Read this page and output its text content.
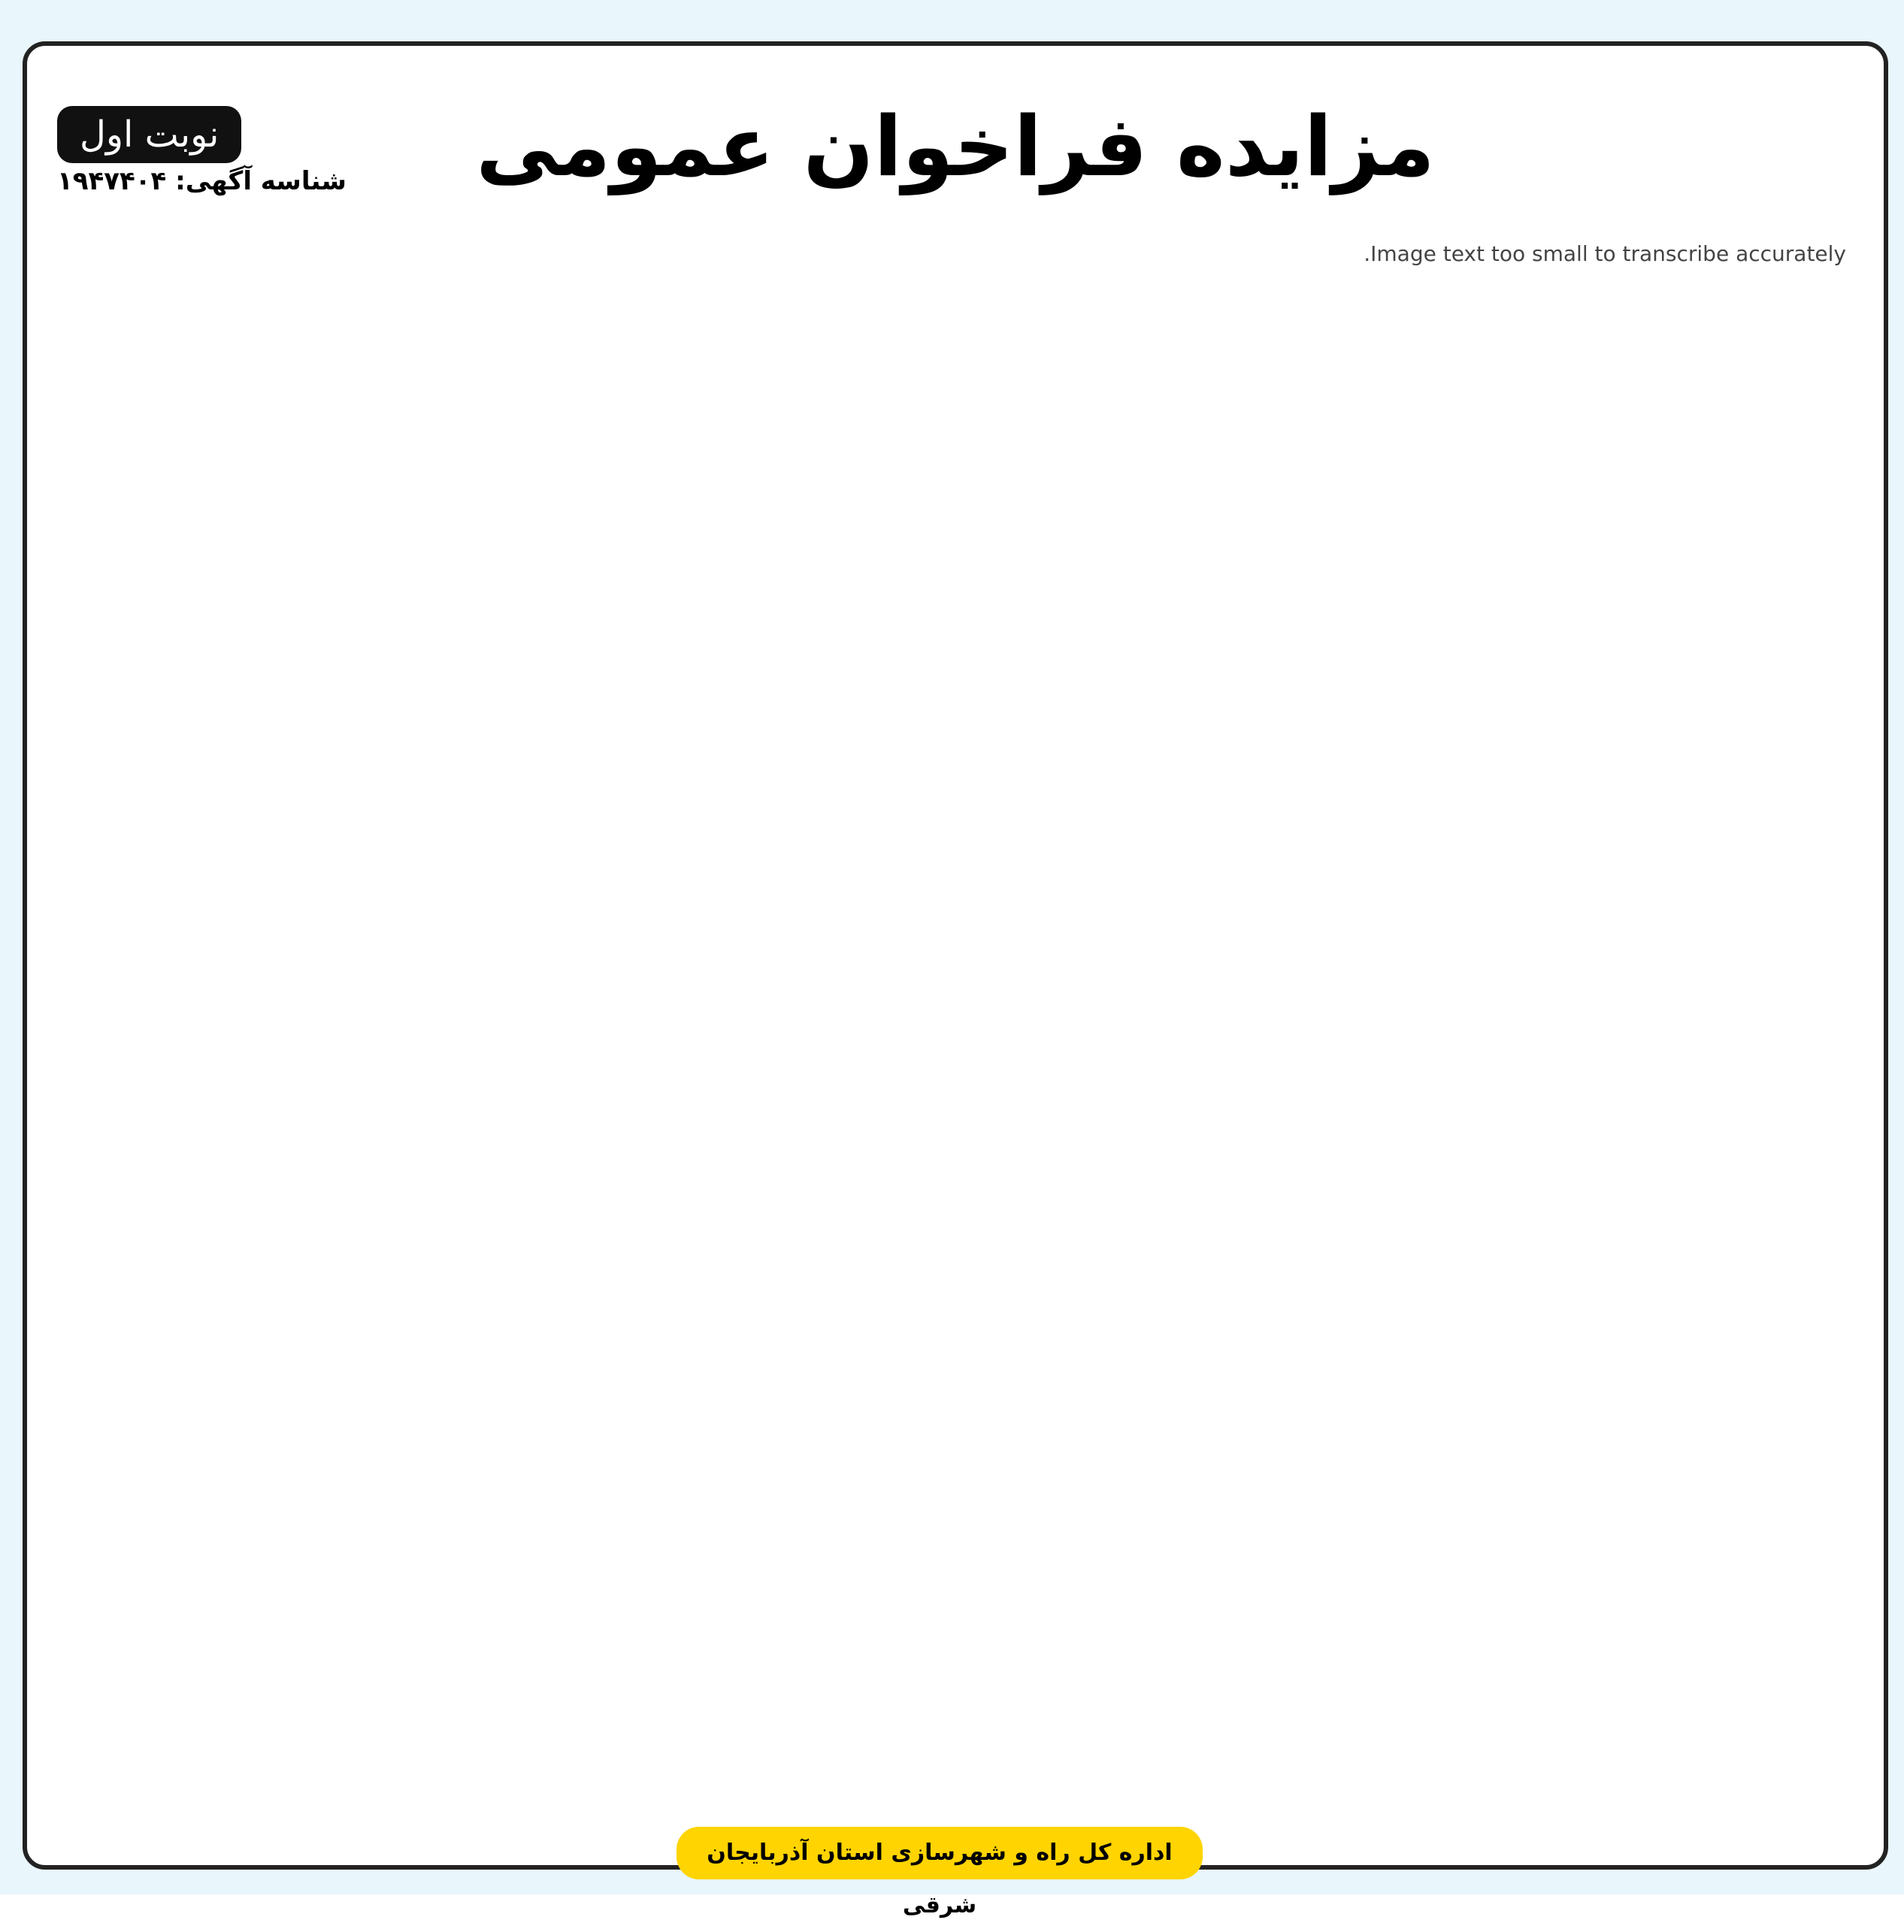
مزایده فراخوان عمومی
نوبت اول
شناسه آگهی: ۱۹۴۷۴۰۴
Image text too small to transcribe accurately.
اداره کل راه و شهرسازی استان آذربایجان شرقی
